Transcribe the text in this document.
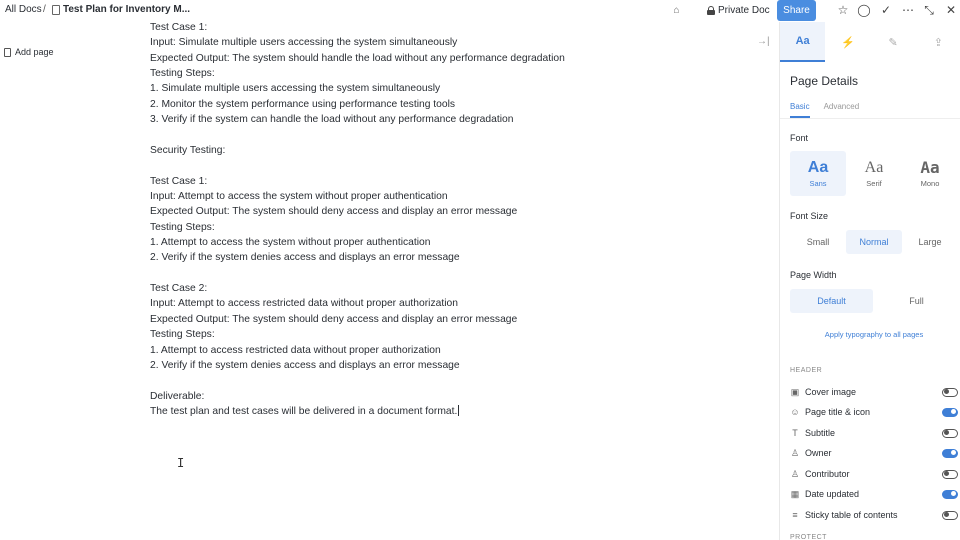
All Docs / Test Plan for Inventory M...	⌂	Private Doc	Share	☆ ◯ ✓ ⋯ ⤡ ✕
Add page
Test Case 1:
Input: Simulate multiple users accessing the system simultaneously
Expected Output: The system should handle the load without any performance degradation
Testing Steps:
1. Simulate multiple users accessing the system simultaneously
2. Monitor the system performance using performance testing tools
3. Verify if the system can handle the load without any performance degradation
Security Testing:
Test Case 1:
Input: Attempt to access the system without proper authentication
Expected Output: The system should deny access and display an error message
Testing Steps:
1. Attempt to access the system without proper authentication
2. Verify if the system denies access and displays an error message
Test Case 2:
Input: Attempt to access restricted data without proper authorization
Expected Output: The system should deny access and display an error message
Testing Steps:
1. Attempt to access restricted data without proper authorization
2. Verify if the system denies access and displays an error message
Deliverable:
The test plan and test cases will be delivered in a document format.
I
→|	Aa	⚡	✎	⇪
Page Details
Basic Advanced
Font
Aa
Sans
Aa
Serif
Aa
Mono
Font Size
Small	Normal	Large
Page Width
Default	Full
Apply typography to all pages
HEADER
▣ Cover image
☺ Page title & icon
T Subtitle
♙ Owner
♙ Contributor
▦ Date updated
≡ Sticky table of contents
PROTECT
